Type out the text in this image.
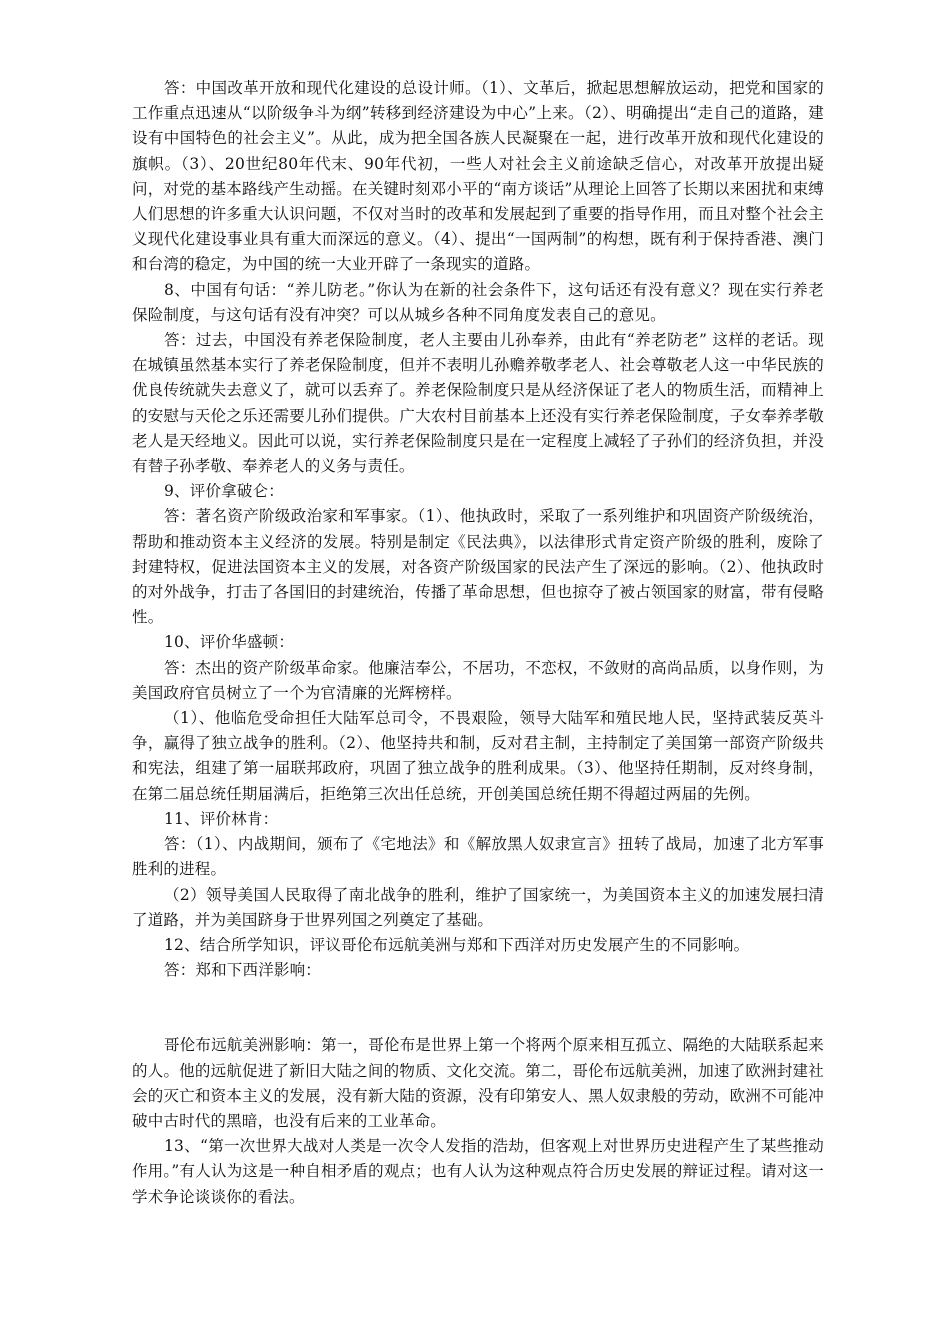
答：中国改革开放和现代化建设的总设计师。（1）、文革后，掀起思想解放运动，把党和国家的工作重点迅速从“以阶级争斗为纲”转移到经济建设为中心”上来。（2）、明确提出“走自己的道路，建设有中国特色的社会主义”。从此，成为把全国各族人民凝聚在一起，进行改革开放和现代化建设的旗帜。（3）、20世纪80年代末、90年代初，一些人对社会主义前途缺乏信心，对改革开放提出疑问，对党的基本路线产生动摇。在关键时刻邓小平的“南方谈话”从理论上回答了长期以来困扰和束缚人们思想的许多重大认识问题，不仅对当时的改革和发展起到了重要的指导作用，而且对整个社会主义现代化建设事业具有重大而深远的意义。（4）、提出“一国两制”的构想，既有利于保持香港、澳门和台湾的稳定，为中国的统一大业开辟了一条现实的道路。

8、中国有句话：“养儿防老。”你认为在新的社会条件下，这句话还有没有意义？现在实行养老保险制度，与这句话有没有冲突？可以从城乡各种不同角度发表自己的意见。

答：过去，中国没有养老保险制度，老人主要由儿孙奉养，由此有“养老防老” 这样的老话。现在城镇虽然基本实行了养老保险制度，但并不表明儿孙赡养敬孝老人、社会尊敬老人这一中华民族的优良传统就失去意义了，就可以丢弃了。养老保险制度只是从经济保证了老人的物质生活，而精神上的安慰与天伦之乐还需要儿孙们提供。广大农村目前基本上还没有实行养老保险制度，子女奉养孝敬老人是天经地义。因此可以说，实行养老保险制度只是在一定程度上减轻了子孙们的经济负担，并没有替子孙孝敬、奉养老人的义务与责任。

9、评价拿破仑：

答：著名资产阶级政治家和军事家。（1）、他执政时，采取了一系列维护和巩固资产阶级统治，帮助和推动资本主义经济的发展。特别是制定《民法典》，以法律形式肯定资产阶级的胜利，废除了 封建特权，促进法国资本主义的发展，对各资产阶级国家的民法产生了深远的影响。（2）、他执政时的对外战争，打击了各国旧的封建统治，传播了革命思想，但也掠夺了被占领国家的财富，带有侵略性。

10、评价华盛顿：

答：杰出的资产阶级革命家。他廉洁奉公，不居功，不恋权，不敛财的高尚品质，以身作则，为美国政府官员树立了一个为官清廉的光辉榜样。

（1）、他临危受命担任大陆军总司令，不畏艰险，领导大陆军和殖民地人民，坚持武装反英斗争，赢得了独立战争的胜利。（2）、他坚持共和制，反对君主制，主持制定了美国第一部资产阶级共和宪法，组建了第一届联邦政府，巩固了独立战争的胜利成果。（3）、他坚持任期制，反对终身制，在第二届总统任期届满后，拒绝第三次出任总统，开创美国总统任期不得超过两届的先例。

11、评价林肯：

答：（1）、内战期间，颁布了《宅地法》和《解放黑人奴隶宣言》扭转了战局，加速了北方军事胜利的进程。

（2）领导美国人民取得了南北战争的胜利，维护了国家统一，为美国资本主义的加速发展扫清了道路，并为美国跻身于世界列国之列奠定了基础。

12、结合所学知识，评议哥伦布远航美洲与郑和下西洋对历史发展产生的不同影响。

答：郑和下西洋影响：

哥伦布远航美洲影响：第一，哥伦布是世界上第一个将两个原来相互孤立、隔绝的大陆联系起来的人。他的远航促进了新旧大陆之间的物质、文化交流。第二，哥伦布远航美洲，加速了欧洲封建社会的灭亡和资本主义的发展，没有新大陆的资源，没有印第安人、黑人奴隶般的劳动，欧洲不可能冲破中古时代的黑暗，也没有后来的工业革命。

13、“第一次世界大战对人类是一次令人发指的浩劫，但客观上对世界历史进程产生了某些推动作用。”有人认为这是一种自相矛盾的观点；也有人认为这种观点符合历史发展的辩证过程。请对这一学术争论谈谈你的看法。
